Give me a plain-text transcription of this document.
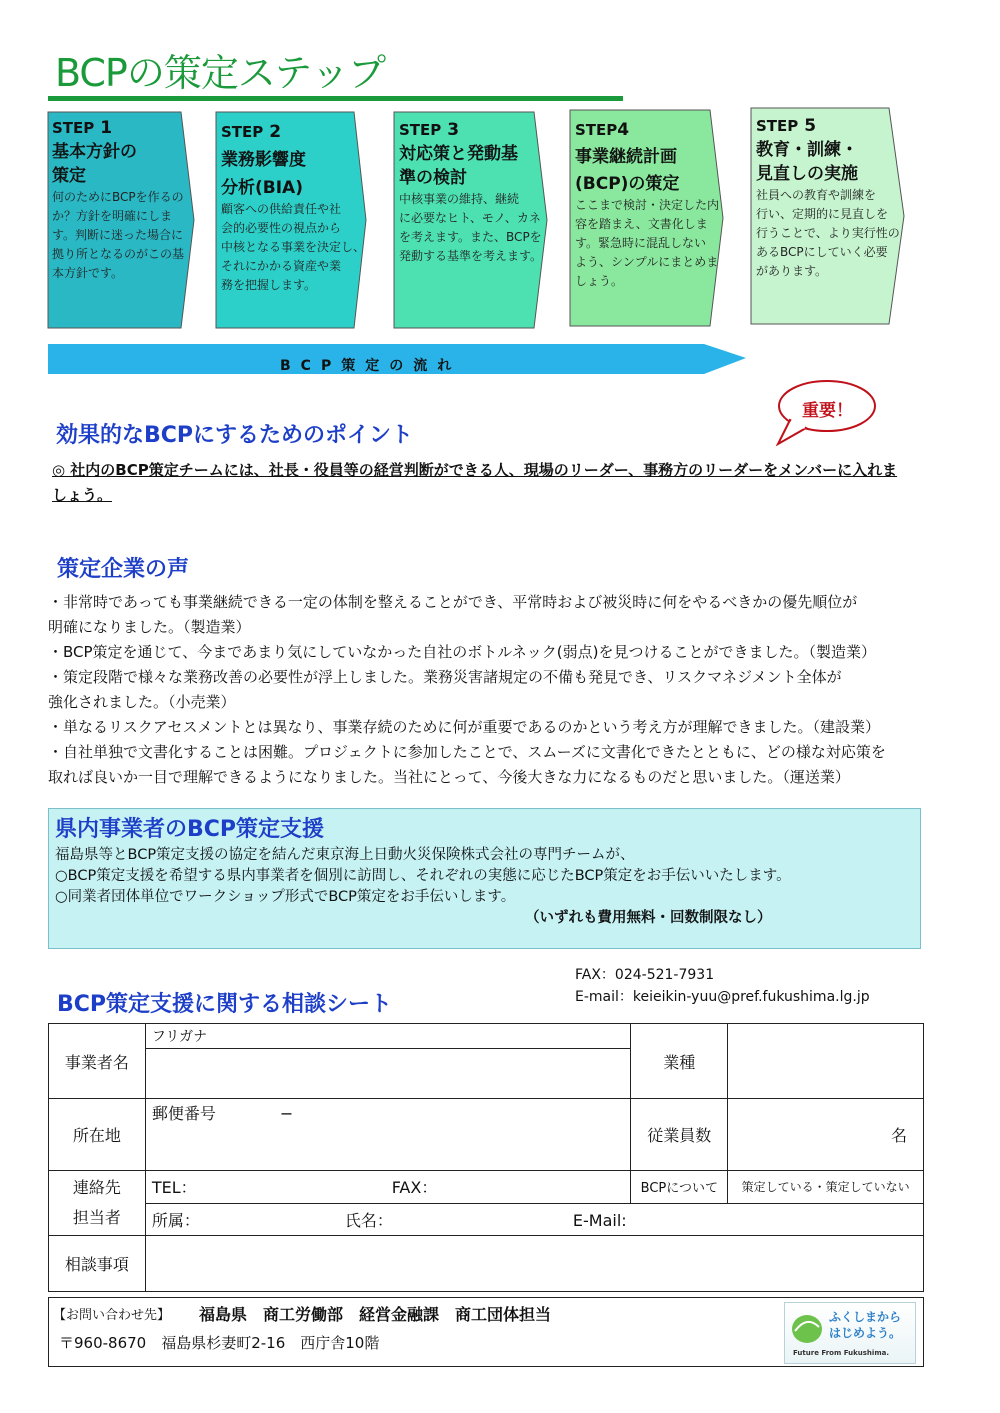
BCPの策定ステップ
STEP 1
基本方針の
策定
何のためにBCPを作るの
か？方針を明確にしま
す。判断に迷った場合に
拠り所となるのがこの基
本方針です。
STEP 2
業務影響度
分析(BIA)
顧客への供給責任や社
会的必要性の視点から
中核となる事業を決定し、
それにかかる資産や業
務を把握します。
STEP 3
対応策と発動基
準の検討
中核事業の維持、継続
に必要なヒト、モノ、カネ
を考えます。また、BCPを
発動する基準を考えます。
STEP4
事業継続計画
(BCP)の策定
ここまで検討・決定した内
容を踏まえ、文書化しま
す。緊急時に混乱しない
よう、シンプルにまとめま
しょう。
STEP 5
教育・訓練・
見直しの実施
社員への教育や訓練を
行い、定期的に見直しを
行うことで、より実行性の
あるBCPにしていく必要
があります。
BCP策定の流れ
重要！
効果的なBCPにするためのポイント
◎ 社内のBCP策定チームには、社長・役員等の経営判断ができる人、現場のリーダー、事務方のリーダーをメンバーに入れましょう。
策定企業の声
・非常時であっても事業継続できる一定の体制を整えることができ、平常時および被災時に何をやるべきかの優先順位が
明確になりました。（製造業）
・BCP策定を通じて、今まであまり気にしていなかった自社のボトルネック(弱点)を見つけることができました。（製造業）
・策定段階で様々な業務改善の必要性が浮上しました。業務災害諸規定の不備も発見でき、リスクマネジメント全体が
強化されました。（小売業）
・単なるリスクアセスメントとは異なり、事業存続のために何が重要であるのかという考え方が理解できました。（建設業）
・自社単独で文書化することは困難。プロジェクトに参加したことで、スムーズに文書化できたとともに、どの様な対応策を
取れば良いか一目で理解できるようになりました。当社にとって、今後大きな力になるものだと思いました。（運送業）
県内事業者のBCP策定支援
福島県等とBCP策定支援の協定を結んだ東京海上日動火災保険株式会社の専門チームが、
○BCP策定支援を希望する県内事業者を個別に訪問し、それぞれの実態に応じたBCP策定をお手伝いいたします。
○同業者団体単位でワークショップ形式でBCP策定をお手伝いします。
（いずれも費用無料・回数制限なし）
BCP策定支援に関する相談シート
FAX：024-521-7931
E-mail：keieikin-yuu@pref.fukushima.lg.jp
事業者名	フリガナ	業種	

所在地	郵便番号　　　　−	従業員数	名

連絡先
担当者	TEL： FAX：	BCPについて	策定している・策定していない
	所属： 氏名： E-Mail:		
相談事項			
【お問い合わせ先】 福島県　商工労働部　経営金融課　商工団体担当
〒960-8670　福島県杉妻町2-16　西庁舎10階
ふくしまから
はじめよう。
Future From Fukushima.
